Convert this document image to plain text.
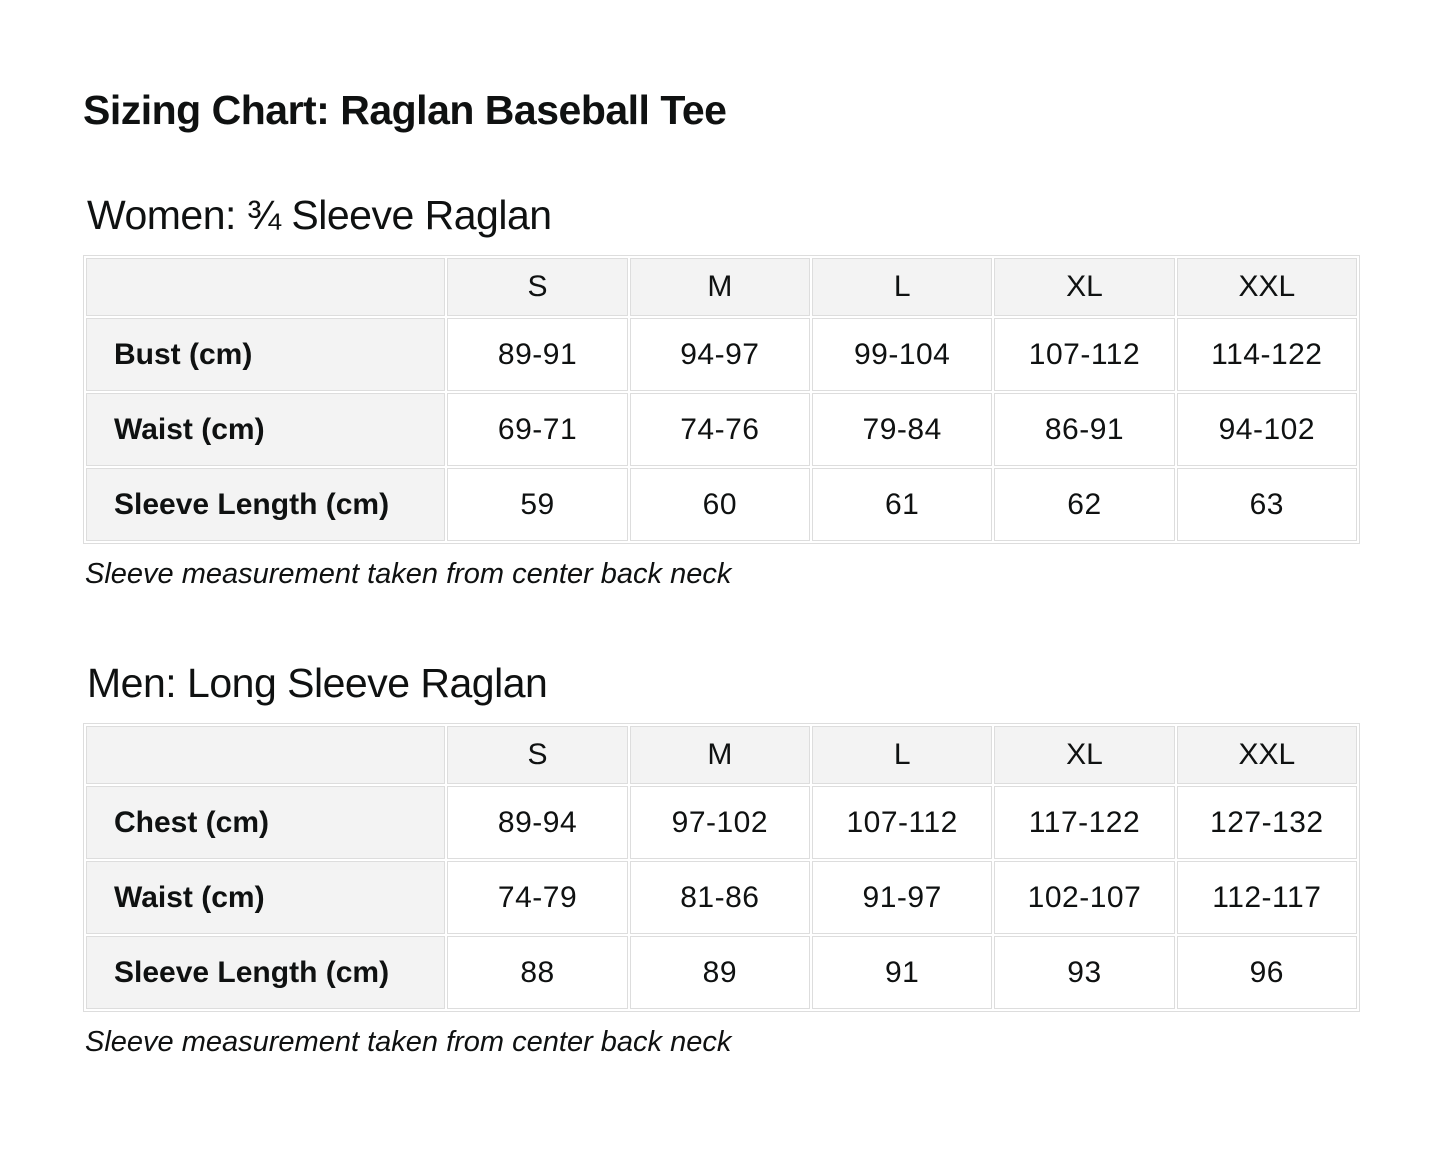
Sizing Chart: Raglan Baseball Tee
Women: ¾ Sleeve Raglan
	S	M	L	XL	XXL
Bust (cm)	89-91	94-97	99-104	107-112	114-122
Waist (cm)	69-71	74-76	79-84	86-91	94-102
Sleeve Length (cm)	59	60	61	62	63

Sleeve measurement taken from center back neck

Men: Long Sleeve Raglan
	S	M	L	XL	XXL
Chest (cm)	89-94	97-102	107-112	117-122	127-132
Waist (cm)	74-79	81-86	91-97	102-107	112-117
Sleeve Length (cm)	88	89	91	93	96

Sleeve measurement taken from center back neck
